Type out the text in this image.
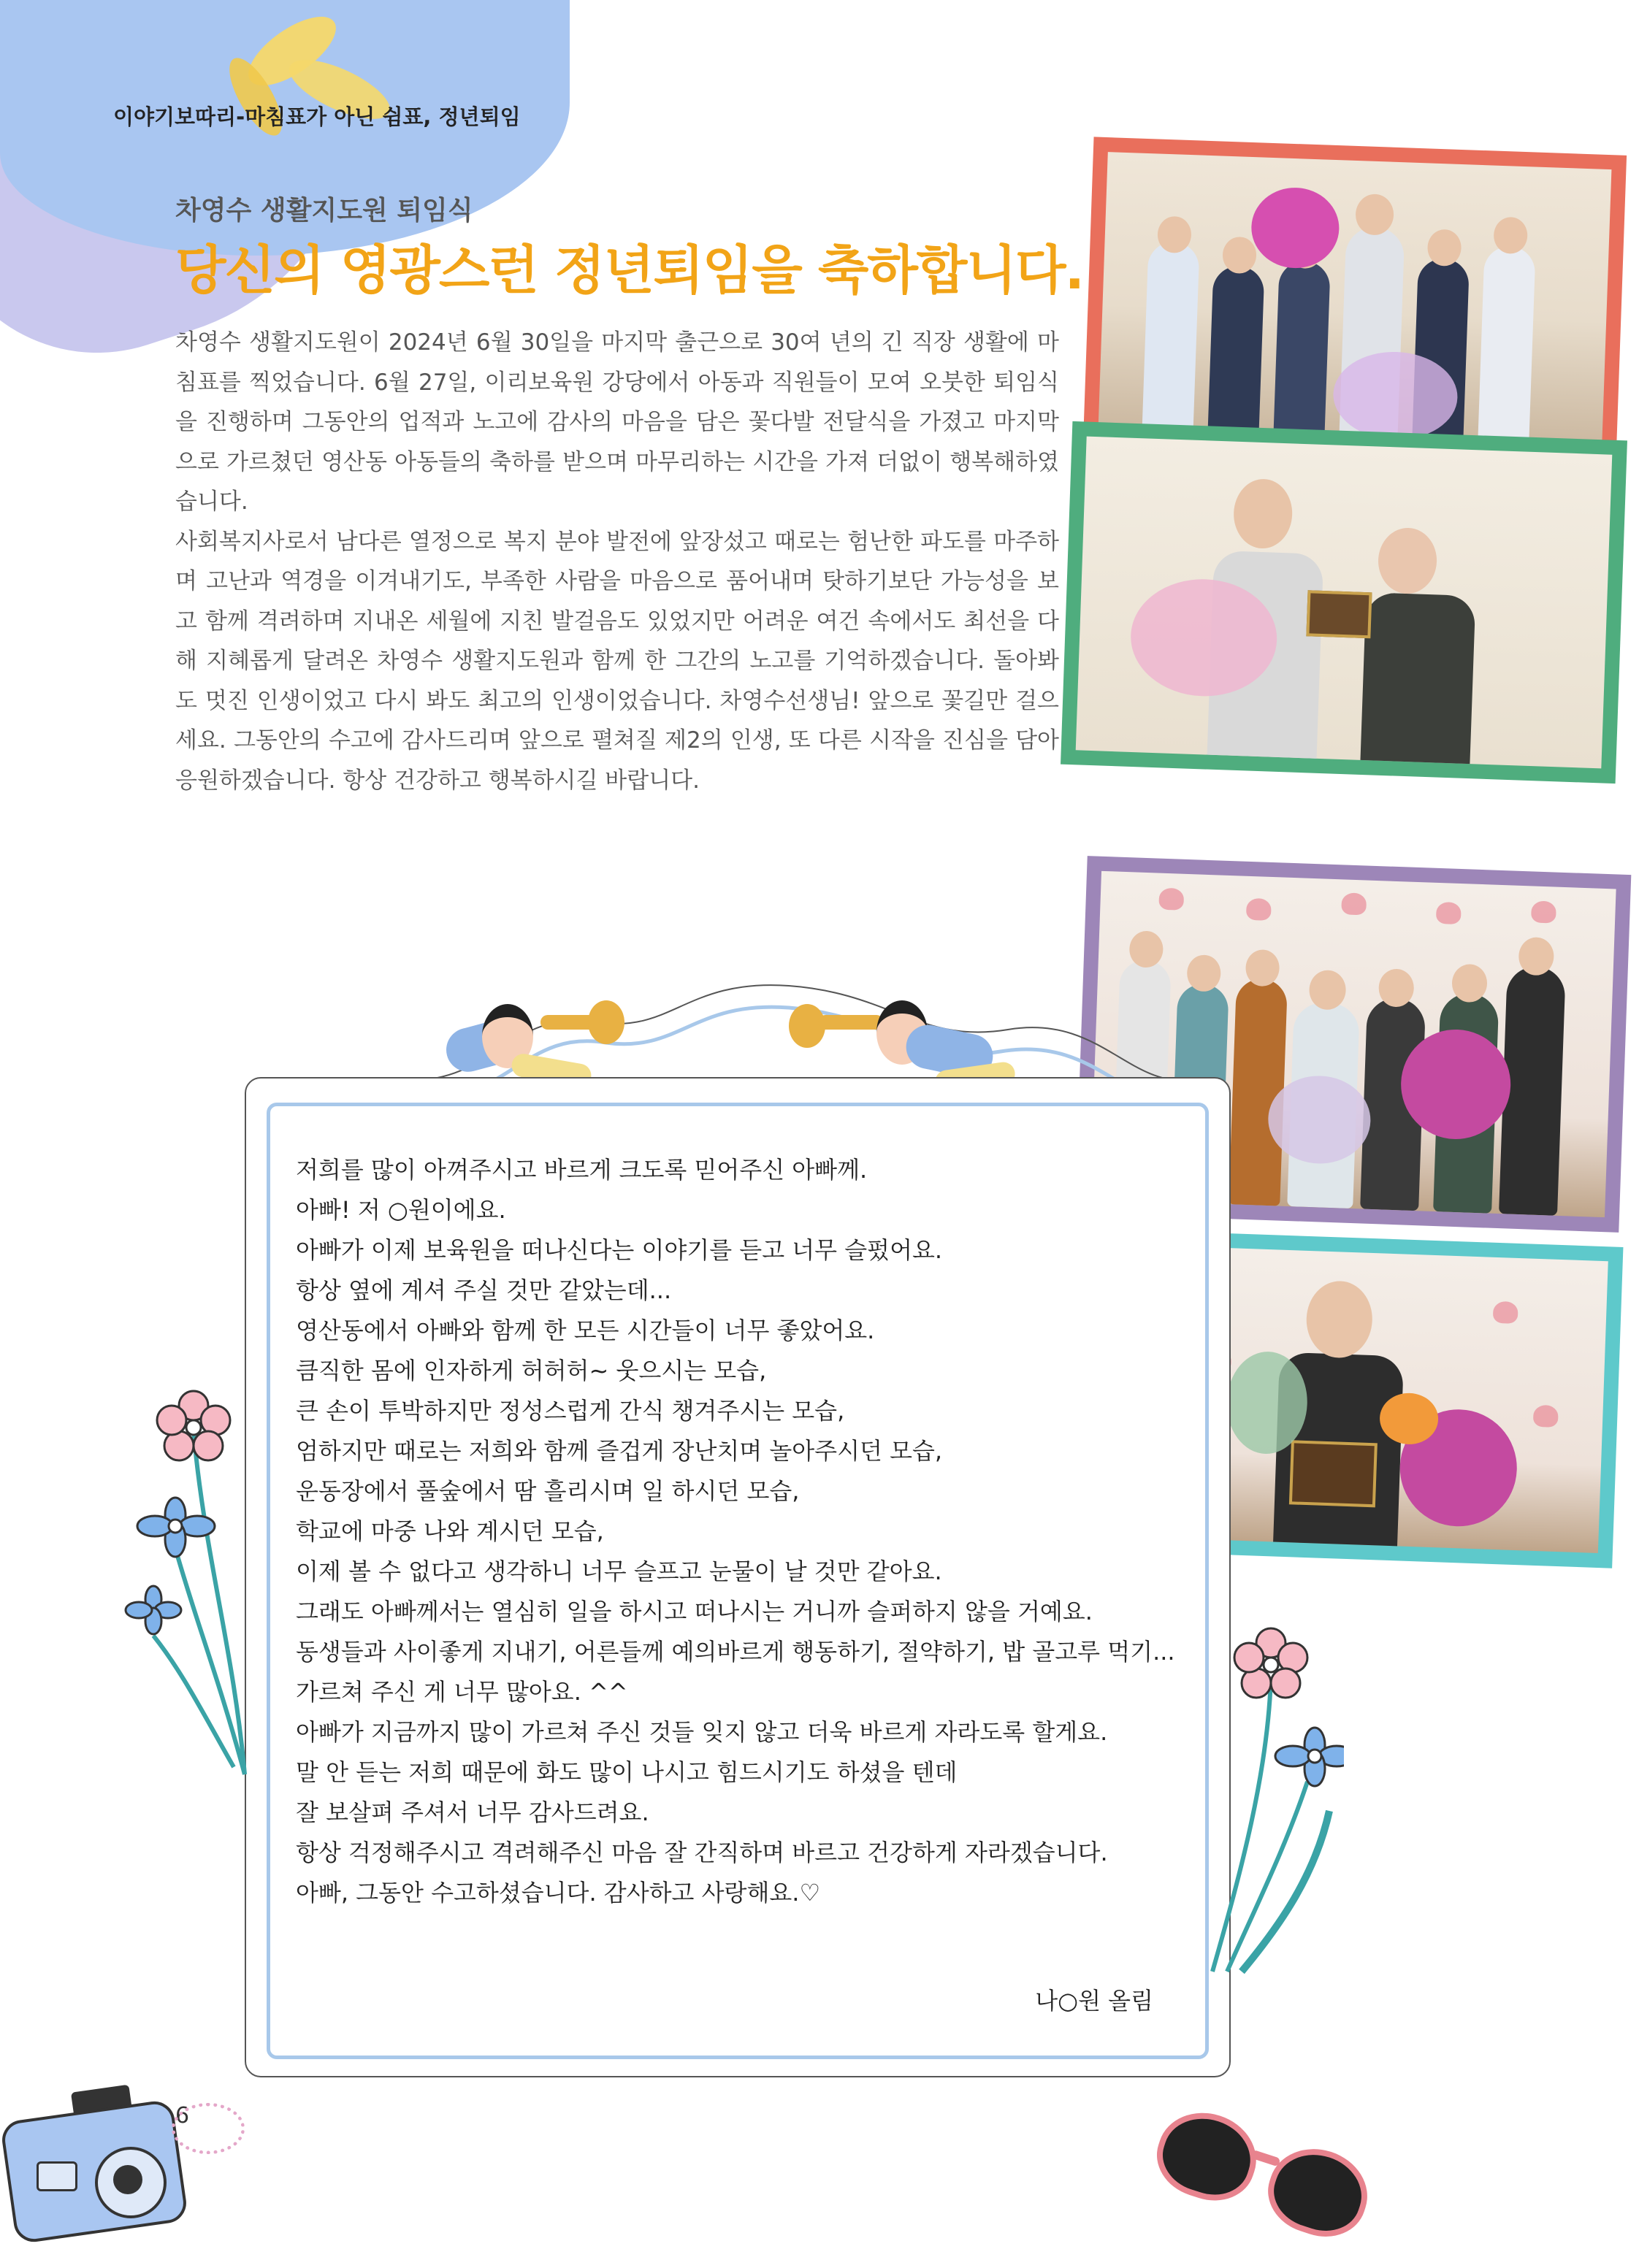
이야기보따리-마침표가 아닌 쉼표, 정년퇴임
차영수 생활지도원 퇴임식
당신의 영광스런 정년퇴임을 축하합니다.

차영수 생활지도원이 2024년 6월 30일을 마지막 출근으로 30여 년의 긴 직장 생활에 마침표를 찍었습니다. 6월 27일, 이리보육원 강당에서 아동과 직원들이 모여 오붓한 퇴임식을 진행하며 그동안의 업적과 노고에 감사의 마음을 담은 꽃다발 전달식을 가졌고 마지막으로 가르쳤던 영산동 아동들의 축하를 받으며 마무리하는 시간을 가져 더없이 행복해하였습니다.

사회복지사로서 남다른 열정으로 복지 분야 발전에 앞장섰고 때로는 험난한 파도를 마주하며 고난과 역경을 이겨내기도, 부족한 사람을 마음으로 품어내며 탓하기보단 가능성을 보고 함께 격려하며 지내온 세월에 지친 발걸음도 있었지만 어려운 여건 속에서도 최선을 다해 지혜롭게 달려온 차영수 생활지도원과 함께 한 그간의 노고를 기억하겠습니다. 돌아봐도 멋진 인생이었고 다시 봐도 최고의 인생이었습니다. 차영수선생님! 앞으로 꽃길만 걸으세요. 그동안의 수고에 감사드리며 앞으로 펼쳐질 제2의 인생, 또 다른 시작을 진심을 담아 응원하겠습니다. 항상 건강하고 행복하시길 바랍니다.

저희를 많이 아껴주시고 바르게 크도록 믿어주신 아빠께.

아빠! 저 ○원이에요.

아빠가 이제 보육원을 떠나신다는 이야기를 듣고 너무 슬펐어요.

항상 옆에 계셔 주실 것만 같았는데...

영산동에서 아빠와 함께 한 모든 시간들이 너무 좋았어요.

큼직한 몸에 인자하게 허허허~ 웃으시는 모습,

큰 손이 투박하지만 정성스럽게 간식 챙겨주시는 모습,

엄하지만 때로는 저희와 함께 즐겁게 장난치며 놀아주시던 모습,

운동장에서 풀숲에서 땀 흘리시며 일 하시던 모습,

학교에 마중 나와 계시던 모습,

이제 볼 수 없다고 생각하니 너무 슬프고 눈물이 날 것만 같아요.

그래도 아빠께서는 열심히 일을 하시고 떠나시는 거니까 슬퍼하지 않을 거예요.

동생들과 사이좋게 지내기, 어른들께 예의바르게 행동하기, 절약하기, 밥 골고루 먹기...

가르쳐 주신 게 너무 많아요. ^^

아빠가 지금까지 많이 가르쳐 주신 것들 잊지 않고 더욱 바르게 자라도록 할게요.

말 안 듣는 저희 때문에 화도 많이 나시고 힘드시기도 하셨을 텐데

잘 보살펴 주셔서 너무 감사드려요.

항상 걱정해주시고 격려해주신 마음 잘 간직하며 바르고 건강하게 자라겠습니다.

아빠, 그동안 수고하셨습니다. 감사하고 사랑해요.♡

나○원 올림
6
